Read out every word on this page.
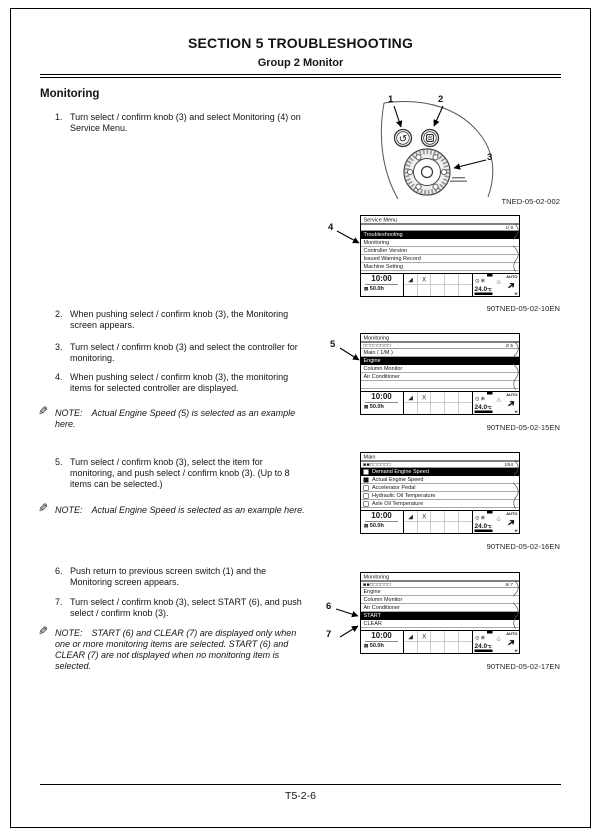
SECTION 5 TROUBLESHOOTING
Group 2 Monitor
Monitoring
1. Turn select / confirm knob (3) and select Monitoring (4) on Service Menu.
2. When pushing select / confirm knob (3), the Monitoring screen appears.
3. Turn select / confirm knob (3) and select the controller for monitoring.
4. When pushing select / confirm knob (3), the monitoring items for selected controller are displayed.
✎ NOTE: Actual Engine Speed (5) is selected as an example here.
5. Turn select / confirm knob (3), select the item for monitoring, and push select / confirm knob (3). (Up to 8 items can be selected.)
✎ NOTE: Actual Engine Speed is selected as an example here.
6. Push return to previous screen switch (1) and the Monitoring screen appears.
7. Turn select / confirm knob (3), select START (6), and push select / confirm knob (3).
✎ NOTE: START (6) and CLEAR (7) are displayed only when one or more monitoring items are selected. START (6) and CLEAR (7) are not displayed when no monitoring item is selected.
↺
TNED-05-02-002
Service Menu
1/ 8
Troubleshooting
Monitoring
Controller Version
Issued Warning Record
Machine Setting
10:00
▤ 50.0h
◢ X	AUTO
⊙❄ ♨
24.0℃ ➔
H
90TNED-05-02-10EN
Monitoring
□□□□□□□□	2/ 5
Main ( 1/M )
Engine
Column Monitor
Air Conditioner
10:00
▤ 50.0h
◢ X	AUTO
⊙❄ ♨
24.0℃ ➔
H
90TNED-05-02-15EN
Main
■■□□□□□□	1/54
Demand Engine Speed
Actual Engine Speed
Accelerator Pedal
Hydraulic Oil Temperature
Axle Oil Temperature
10:00
▤ 50.0h
◢ X	AUTO
⊙❄ ♨
24.0℃ ➔
H
90TNED-05-02-16EN
Monitoring
■■□□□□□□	6/ 7
Engine
Column Monitor
Air Conditioner
START
CLEAR
10:00
▤ 50.0h
◢ X	AUTO
⊙❄ ♨
24.0℃ ➔
H
90TNED-05-02-17EN
1	2
3
4
5
6
7
T5-2-6
